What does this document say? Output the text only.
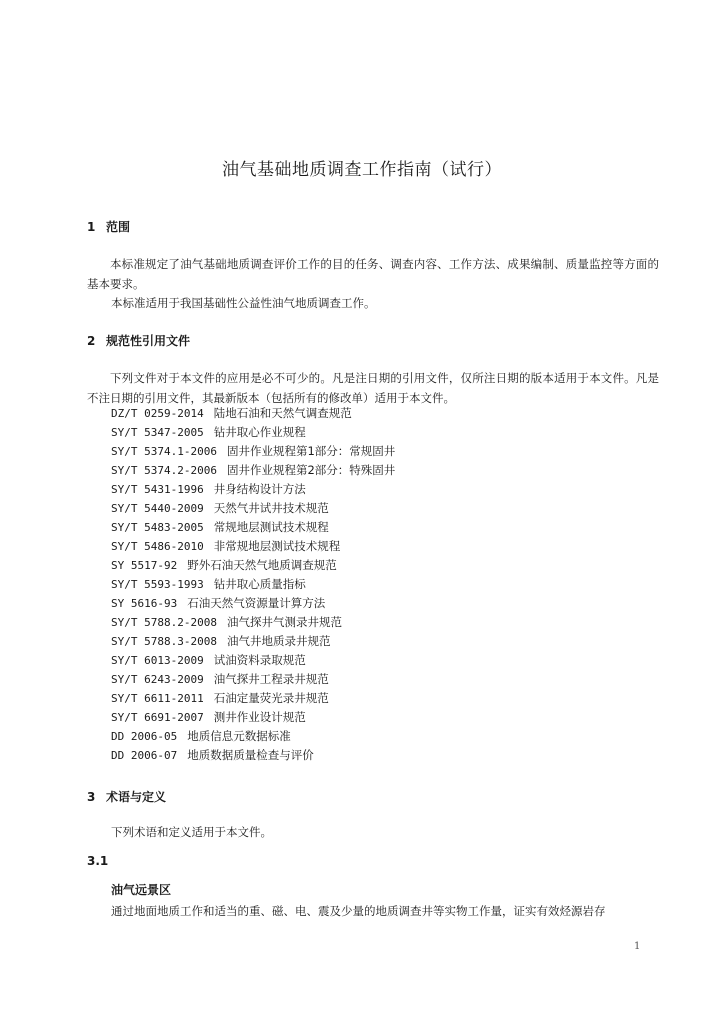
油气基础地质调查工作指南（试行）
1 范围

本标准规定了油气基础地质调查评价工作的目的任务、调查内容、工作方法、成果编制、质量监控等方面的基本要求。

本标准适用于我国基础性公益性油气地质调查工作。
2 规范性引用文件

下列文件对于本文件的应用是必不可少的。凡是注日期的引用文件，仅所注日期的版本适用于本文件。凡是不注日期的引用文件，其最新版本（包括所有的修改单）适用于本文件。

DZ/T 0259-2014 陆地石油和天然气调查规范
SY/T 5347-2005 钻井取心作业规程
SY/T 5374.1-2006 固井作业规程第1部分：常规固井
SY/T 5374.2-2006 固井作业规程第2部分：特殊固井
SY/T 5431-1996 井身结构设计方法
SY/T 5440-2009 天然气井试井技术规范
SY/T 5483-2005 常规地层测试技术规程
SY/T 5486-2010 非常规地层测试技术规程
SY 5517-92 野外石油天然气地质调查规范
SY/T 5593-1993 钻井取心质量指标
SY 5616-93 石油天然气资源量计算方法
SY/T 5788.2-2008 油气探井气测录井规范
SY/T 5788.3-2008 油气井地质录井规范
SY/T 6013-2009 试油资料录取规范
SY/T 6243-2009 油气探井工程录井规范
SY/T 6611-2011 石油定量荧光录井规范
SY/T 6691-2007 测井作业设计规范
DD 2006-05 地质信息元数据标准
DD 2006-07 地质数据质量检查与评价
3 术语与定义
下列术语和定义适用于本文件。
3.1
油气远景区
通过地面地质工作和适当的重、磁、电、震及少量的地质调查井等实物工作量，证实有效烃源岩存
1
